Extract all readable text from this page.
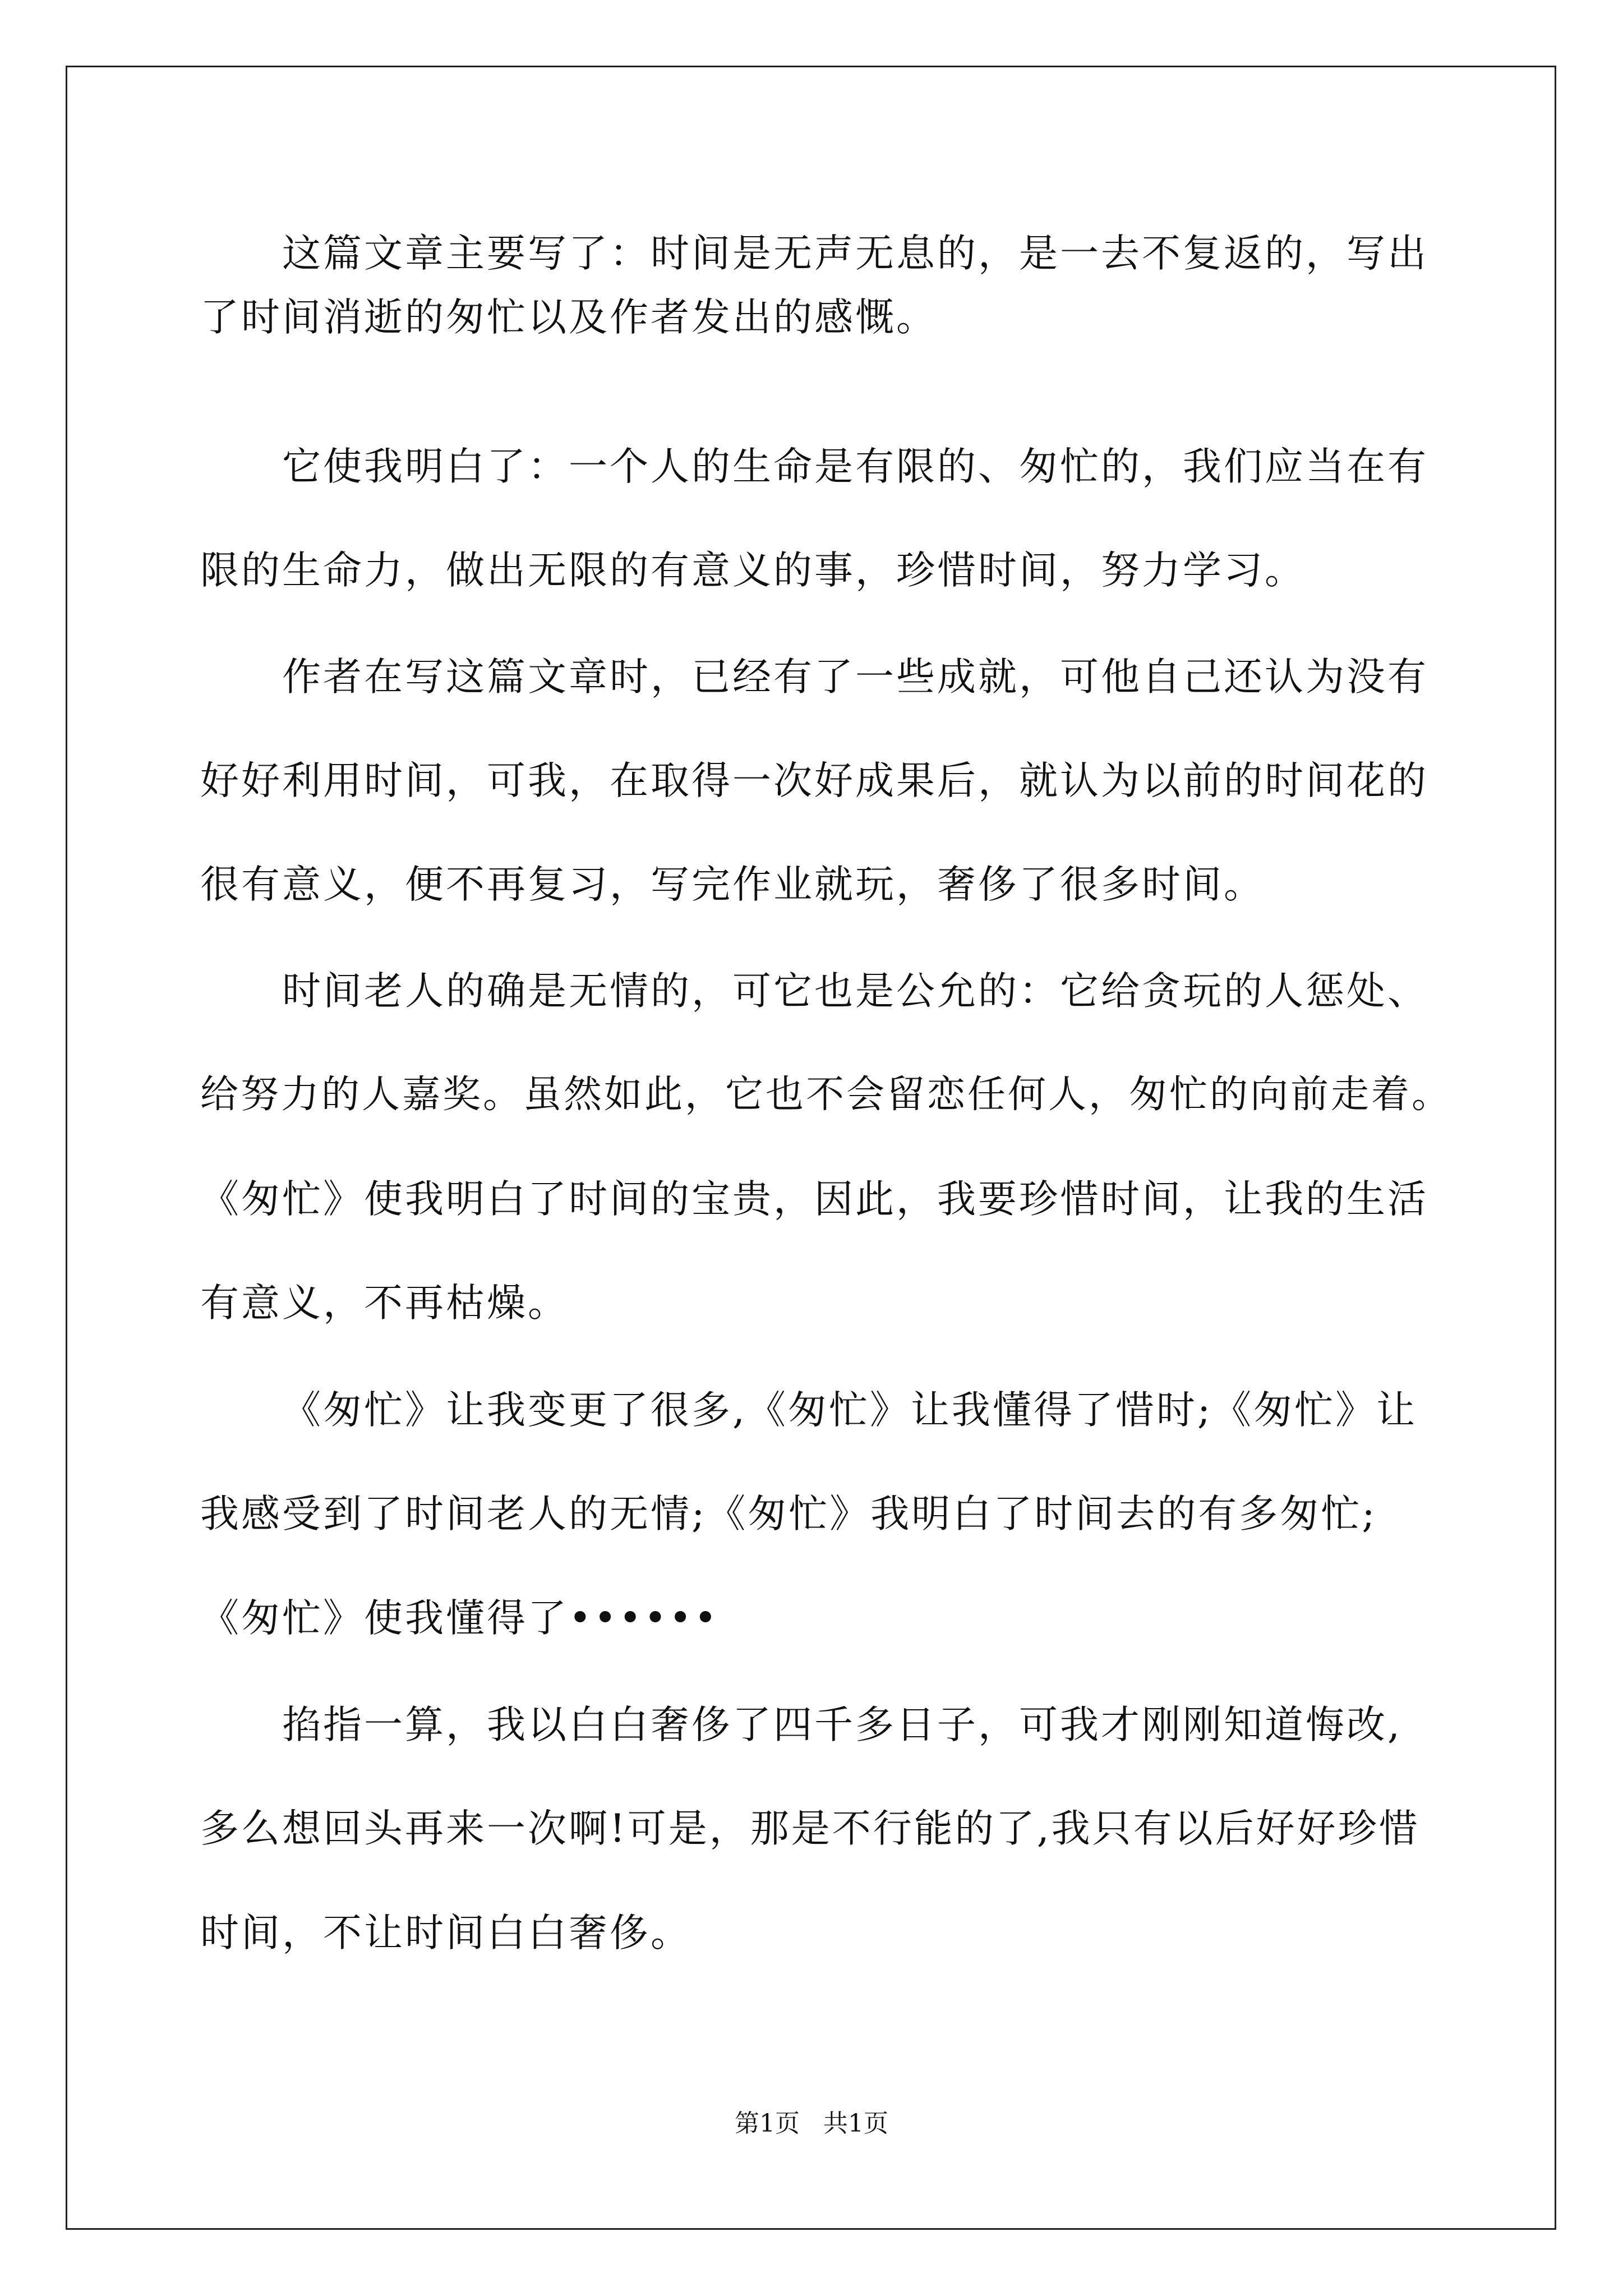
这篇文章主要写了：时间是无声无息的，是一去不复返的，写出
了时间消逝的匆忙以及作者发出的感慨。
它使我明白了：一个人的生命是有限的、匆忙的，我们应当在有
限的生命力，做出无限的有意义的事，珍惜时间，努力学习。
作者在写这篇文章时，已经有了一些成就，可他自己还认为没有
好好利用时间，可我，在取得一次好成果后，就认为以前的时间花的
很有意义，便不再复习，写完作业就玩，奢侈了很多时间。
时间老人的确是无情的，可它也是公允的：它给贪玩的人惩处、
给努力的人嘉奖。虽然如此，它也不会留恋任何人，匆忙的向前走着。
《匆忙》使我明白了时间的宝贵，因此，我要珍惜时间，让我的生活
有意义，不再枯燥。
《匆忙》让我变更了很多,《匆忙》让我懂得了惜时;《匆忙》让
我感受到了时间老人的无情;《匆忙》我明白了时间去的有多匆忙;
《匆忙》使我懂得了••••••
掐指一算，我以白白奢侈了四千多日子，可我才刚刚知道悔改,
多么想回头再来一次啊!可是，那是不行能的了,我只有以后好好珍惜
时间，不让时间白白奢侈。
第1页   共1页
